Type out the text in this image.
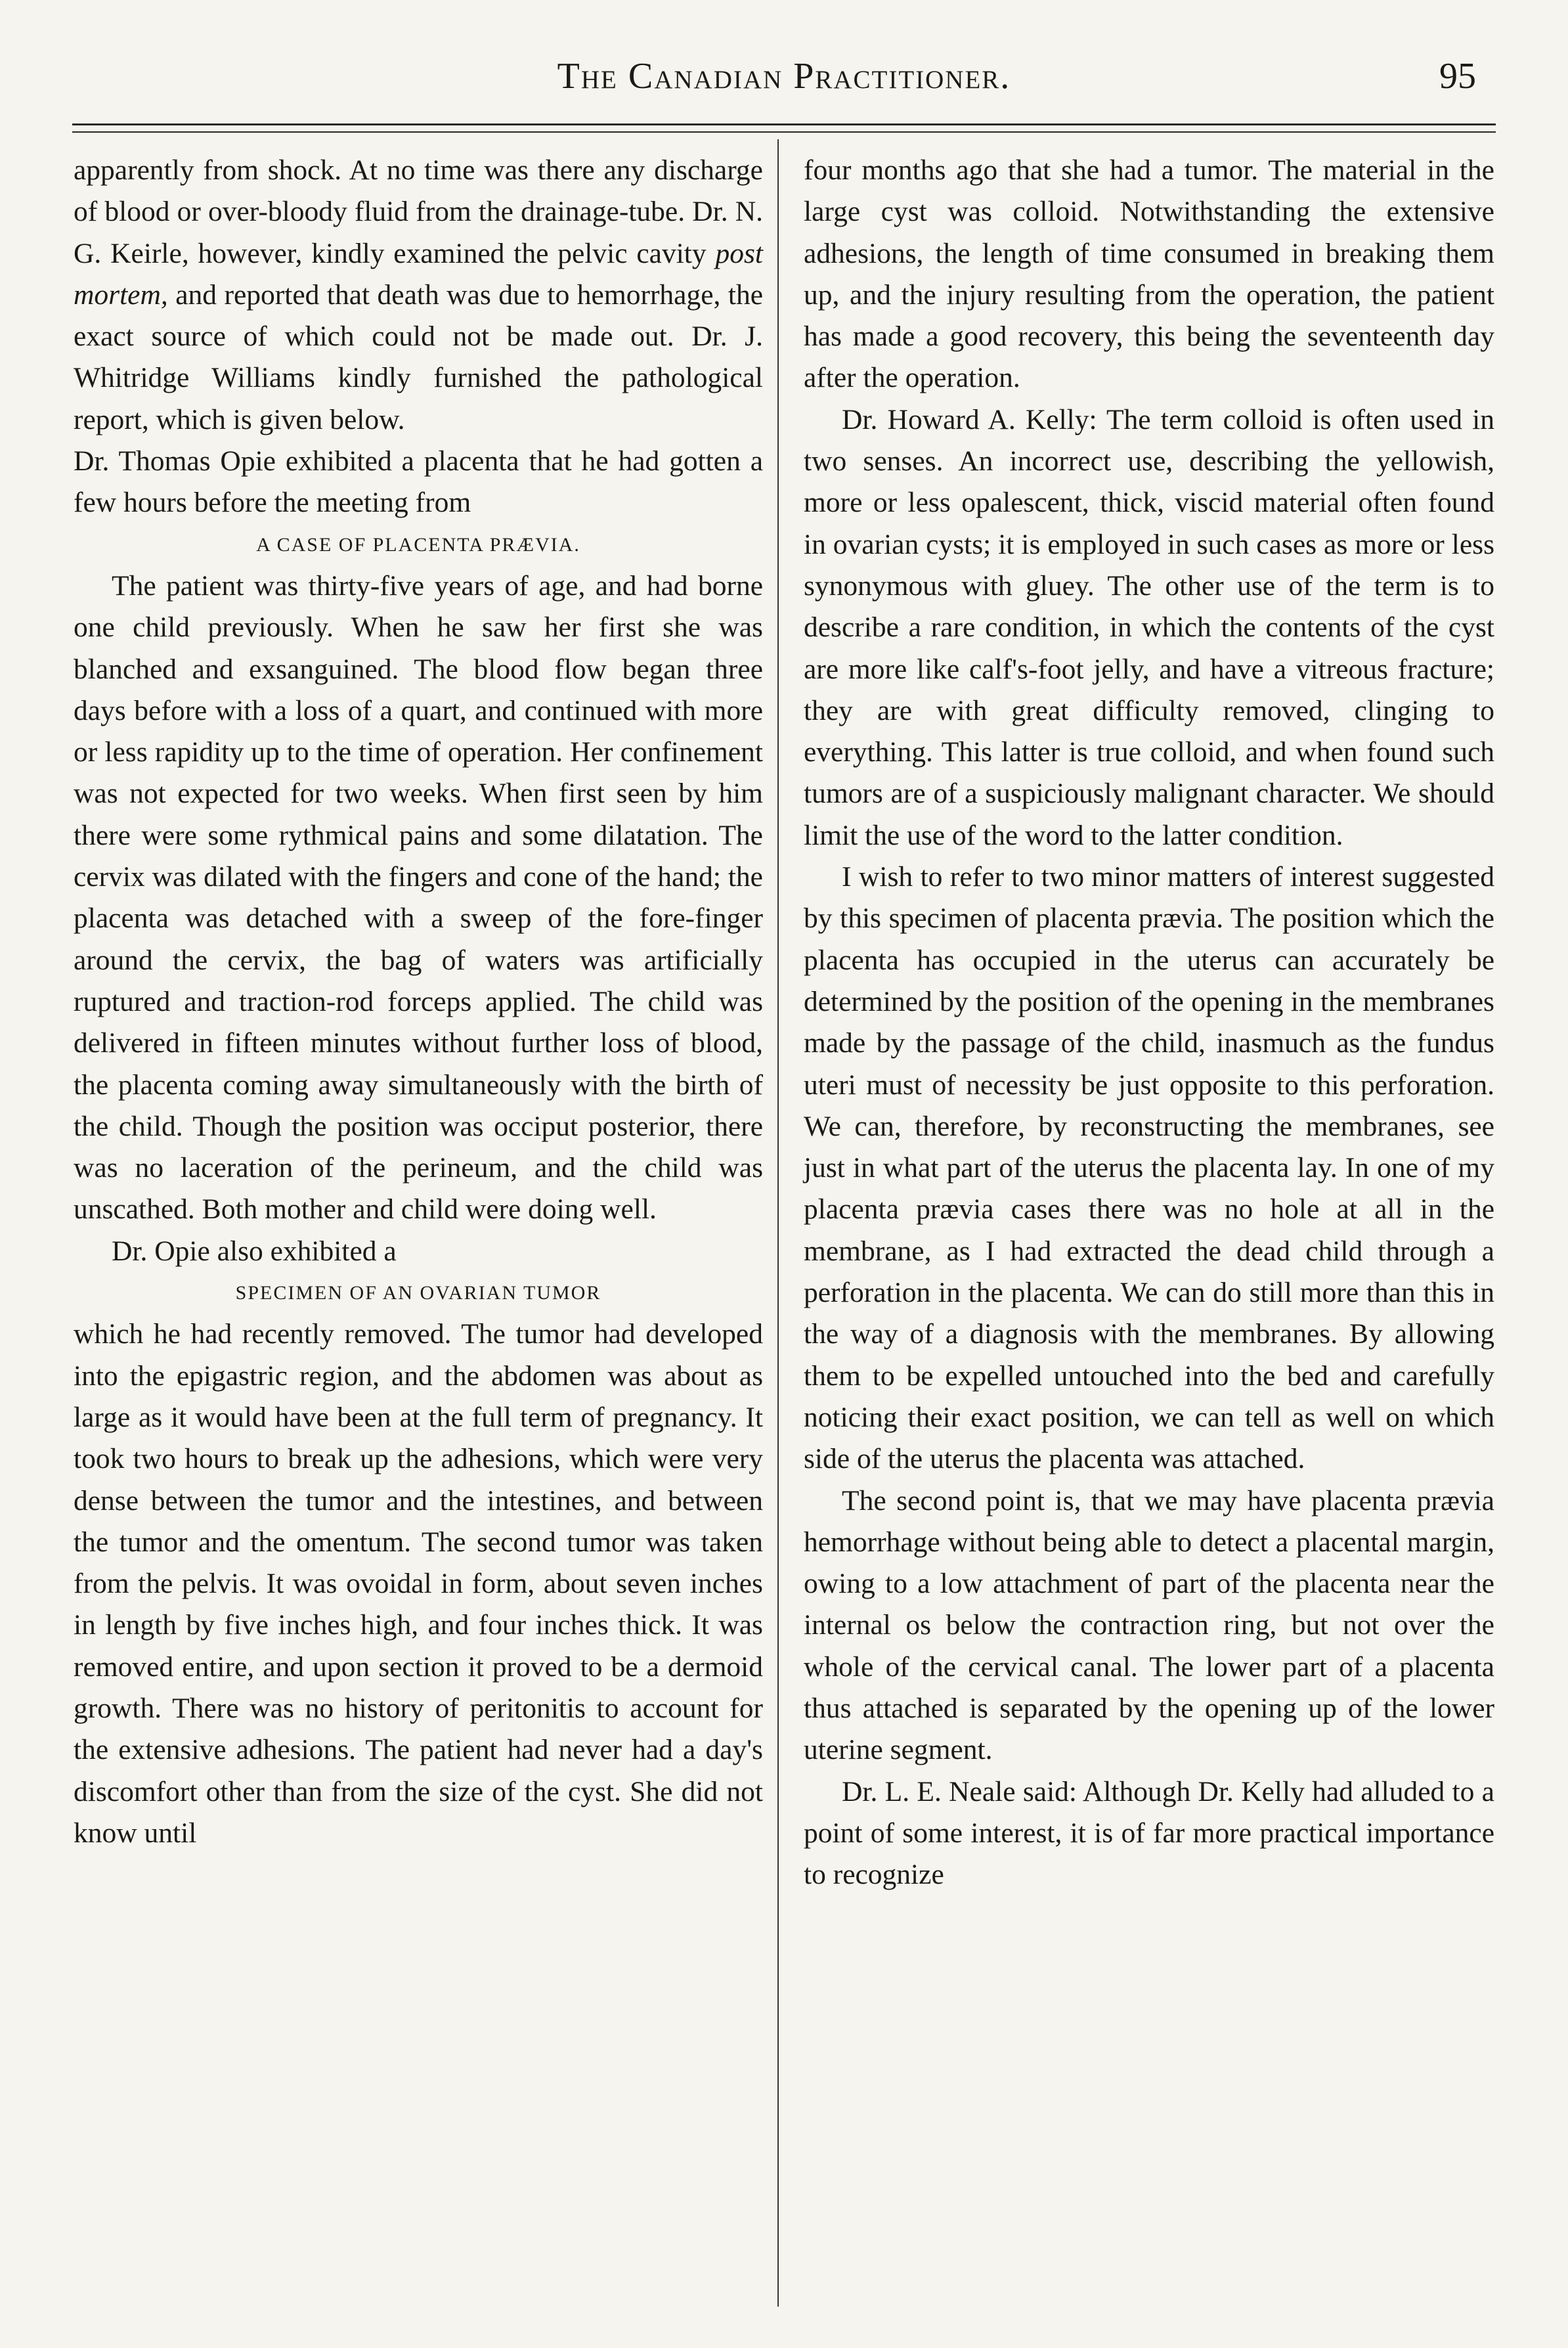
The Canadian Practitioner.	95

apparently from shock. At no time was there any discharge of blood or over-bloody fluid from the drainage-tube. Dr. N. G. Keirle, however, kindly examined the pelvic cavity post mortem, and reported that death was due to hemorrhage, the exact source of which could not be made out. Dr. J. Whitridge Williams kindly furnished the pathological report, which is given below.

Dr. Thomas Opie exhibited a placenta that he had gotten a few hours before the meeting from

A CASE OF PLACENTA PRÆVIA.

The patient was thirty-five years of age, and had borne one child previously. When he saw her first she was blanched and exsanguined. The blood flow began three days before with a loss of a quart, and continued with more or less rapidity up to the time of operation. Her confinement was not expected for two weeks. When first seen by him there were some rythmical pains and some dilatation. The cervix was dilated with the fingers and cone of the hand; the placenta was detached with a sweep of the fore-finger around the cervix, the bag of waters was artificially ruptured and traction-rod forceps applied. The child was delivered in fifteen minutes without further loss of blood, the placenta coming away simultaneously with the birth of the child. Though the position was occiput posterior, there was no laceration of the perineum, and the child was unscathed. Both mother and child were doing well.

Dr. Opie also exhibited a

SPECIMEN OF AN OVARIAN TUMOR

which he had recently removed. The tumor had developed into the epigastric region, and the abdomen was about as large as it would have been at the full term of pregnancy. It took two hours to break up the adhesions, which were very dense between the tumor and the intestines, and between the tumor and the omentum. The second tumor was taken from the pelvis. It was ovoidal in form, about seven inches in length by five inches high, and four inches thick. It was removed entire, and upon section it proved to be a dermoid growth. There was no history of peritonitis to account for the extensive adhesions. The patient had never had a day's discomfort other than from the size of the cyst. She did not know until

four months ago that she had a tumor. The material in the large cyst was colloid. Notwithstanding the extensive adhesions, the length of time consumed in breaking them up, and the injury resulting from the operation, the patient has made a good recovery, this being the seventeenth day after the operation.

Dr. Howard A. Kelly: The term colloid is often used in two senses. An incorrect use, describing the yellowish, more or less opalescent, thick, viscid material often found in ovarian cysts; it is employed in such cases as more or less synonymous with gluey. The other use of the term is to describe a rare condition, in which the contents of the cyst are more like calf's-foot jelly, and have a vitreous fracture; they are with great difficulty removed, clinging to everything. This latter is true colloid, and when found such tumors are of a suspiciously malignant character. We should limit the use of the word to the latter condition.

I wish to refer to two minor matters of interest suggested by this specimen of placenta prævia. The position which the placenta has occupied in the uterus can accurately be determined by the position of the opening in the membranes made by the passage of the child, inasmuch as the fundus uteri must of necessity be just opposite to this perforation. We can, therefore, by reconstructing the membranes, see just in what part of the uterus the placenta lay. In one of my placenta prævia cases there was no hole at all in the membrane, as I had extracted the dead child through a perforation in the placenta. We can do still more than this in the way of a diagnosis with the membranes. By allowing them to be expelled untouched into the bed and carefully noticing their exact position, we can tell as well on which side of the uterus the placenta was attached.

The second point is, that we may have placenta prævia hemorrhage without being able to detect a placental margin, owing to a low attachment of part of the placenta near the internal os below the contraction ring, but not over the whole of the cervical canal. The lower part of a placenta thus attached is separated by the opening up of the lower uterine segment.

Dr. L. E. Neale said: Although Dr. Kelly had alluded to a point of some interest, it is of far more practical importance to recognize
